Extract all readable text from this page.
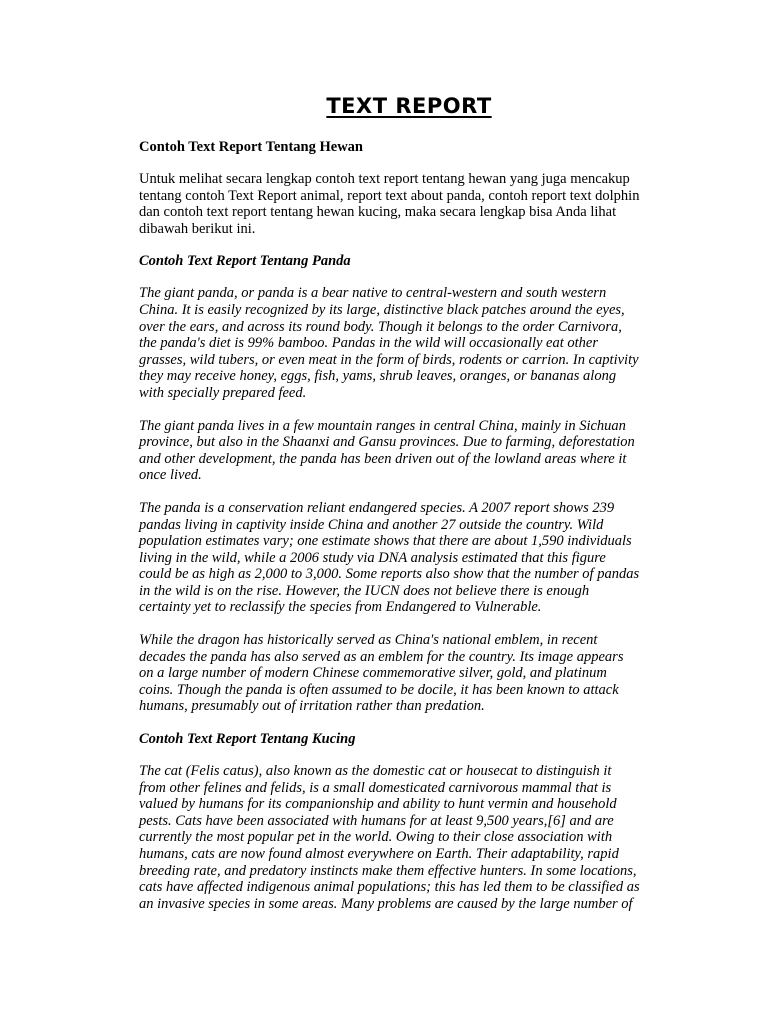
TEXT REPORT
Contoh Text Report Tentang Hewan
Untuk melihat secara lengkap contoh text report tentang hewan yang juga mencakup
tentang contoh Text Report animal, report text about panda, contoh report text dolphin
dan contoh text report tentang hewan kucing, maka secara lengkap bisa Anda lihat
dibawah berikut ini.
Contoh Text Report Tentang Panda
The giant panda, or panda is a bear native to central-western and south western
China. It is easily recognized by its large, distinctive black patches around the eyes,
over the ears, and across its round body. Though it belongs to the order Carnivora,
the panda's diet is 99% bamboo. Pandas in the wild will occasionally eat other
grasses, wild tubers, or even meat in the form of birds, rodents or carrion. In captivity
they may receive honey, eggs, fish, yams, shrub leaves, oranges, or bananas along
with specially prepared feed.
The giant panda lives in a few mountain ranges in central China, mainly in Sichuan
province, but also in the Shaanxi and Gansu provinces. Due to farming, deforestation
and other development, the panda has been driven out of the lowland areas where it
once lived.
The panda is a conservation reliant endangered species. A 2007 report shows 239
pandas living in captivity inside China and another 27 outside the country. Wild
population estimates vary; one estimate shows that there are about 1,590 individuals
living in the wild, while a 2006 study via DNA analysis estimated that this figure
could be as high as 2,000 to 3,000. Some reports also show that the number of pandas
in the wild is on the rise. However, the IUCN does not believe there is enough
certainty yet to reclassify the species from Endangered to Vulnerable.
While the dragon has historically served as China's national emblem, in recent
decades the panda has also served as an emblem for the country. Its image appears
on a large number of modern Chinese commemorative silver, gold, and platinum
coins. Though the panda is often assumed to be docile, it has been known to attack
humans, presumably out of irritation rather than predation.
Contoh Text Report Tentang Kucing
The cat (Felis catus), also known as the domestic cat or housecat to distinguish it
from other felines and felids, is a small domesticated carnivorous mammal that is
valued by humans for its companionship and ability to hunt vermin and household
pests. Cats have been associated with humans for at least 9,500 years,[6] and are
currently the most popular pet in the world. Owing to their close association with
humans, cats are now found almost everywhere on Earth. Their adaptability, rapid
breeding rate, and predatory instincts make them effective hunters. In some locations,
cats have affected indigenous animal populations; this has led them to be classified as
an invasive species in some areas. Many problems are caused by the large number of
